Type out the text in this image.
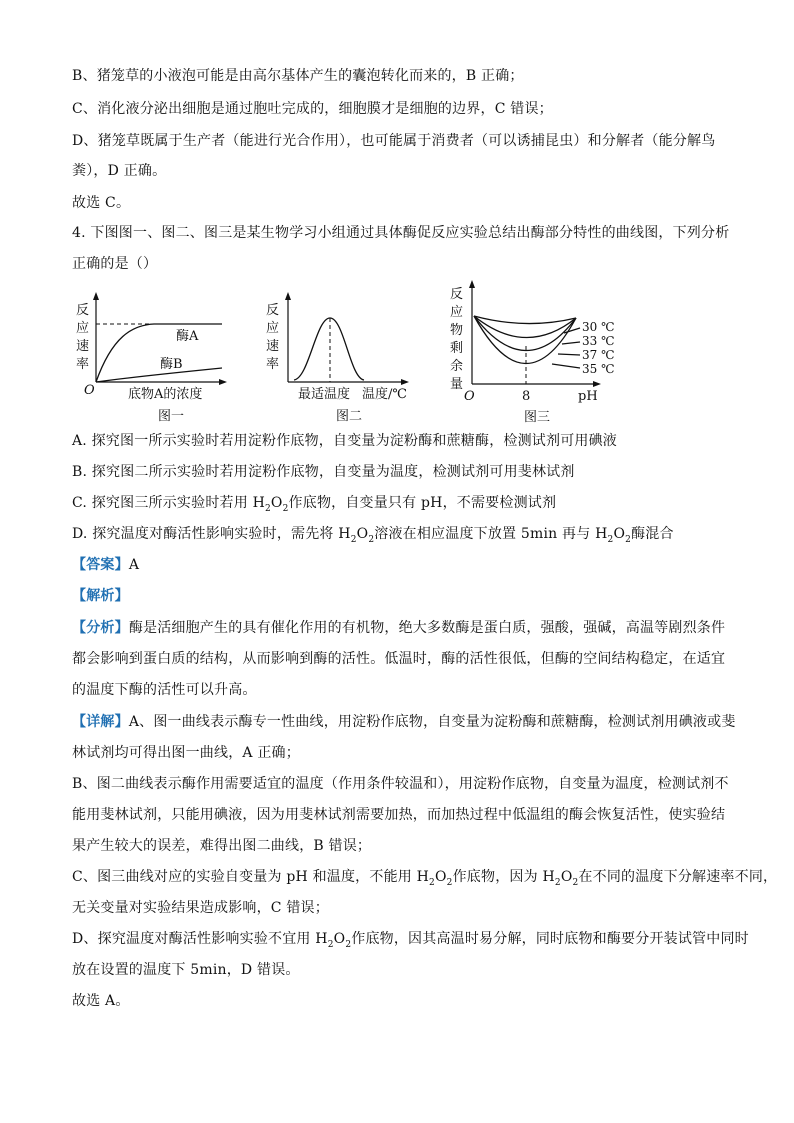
B、猪笼草的小液泡可能是由高尔基体产生的囊泡转化而来的，B 正确；
C、消化液分泌出细胞是通过胞吐完成的，细胞膜才是细胞的边界，C 错误；
D、猪笼草既属于生产者（能进行光合作用），也可能属于消费者（可以诱捕昆虫）和分解者（能分解鸟
粪），D 正确。
故选 C。
4. 下图图一、图二、图三是某生物学习小组通过具体酶促反应实验总结出酶部分特性的曲线图，下列分析
正确的是（）
反
应
速
率
酶A
酶B
O	底物A的浓度
图一
反
应
速
率
最适温度 温度/℃
图二
反
应
物
剩
余
量
30 ℃
33 ℃
37 ℃
35 ℃
O	8	pH
图三
A. 探究图一所示实验时若用淀粉作底物，自变量为淀粉酶和蔗糖酶，检测试剂可用碘液
B. 探究图二所示实验时若用淀粉作底物，自变量为温度，检测试剂可用斐林试剂
C. 探究图三所示实验时若用 $H_2O_2$作底物，自变量只有 pH，不需要检测试剂
D. 探究温度对酶活性影响实验时，需先将 $H_2O_2$溶液在相应温度下放置 5min 再与 $H_2O_2$酶混合
【答案】A
【解析】
【分析】酶是活细胞产生的具有催化作用的有机物，绝大多数酶是蛋白质，强酸，强碱，高温等剧烈条件
都会影响到蛋白质的结构，从而影响到酶的活性。低温时，酶的活性很低，但酶的空间结构稳定，在适宜
的温度下酶的活性可以升高。
【详解】A、图一曲线表示酶专一性曲线，用淀粉作底物，自变量为淀粉酶和蔗糖酶，检测试剂用碘液或斐
林试剂均可得出图一曲线，A 正确；
B、图二曲线表示酶作用需要适宜的温度（作用条件较温和），用淀粉作底物，自变量为温度，检测试剂不
能用斐林试剂，只能用碘液，因为用斐林试剂需要加热，而加热过程中低温组的酶会恢复活性，使实验结
果产生较大的误差，难得出图二曲线，B 错误；
C、图三曲线对应的实验自变量为 pH 和温度，不能用 $H_2O_2$作底物，因为 $H_2O_2$在不同的温度下分解速率不同，
无关变量对实验结果造成影响，C 错误；
D、探究温度对酶活性影响实验不宜用 $H_2O_2$作底物，因其高温时易分解，同时底物和酶要分开装试管中同时
放在设置的温度下 5min，D 错误。
故选 A。
